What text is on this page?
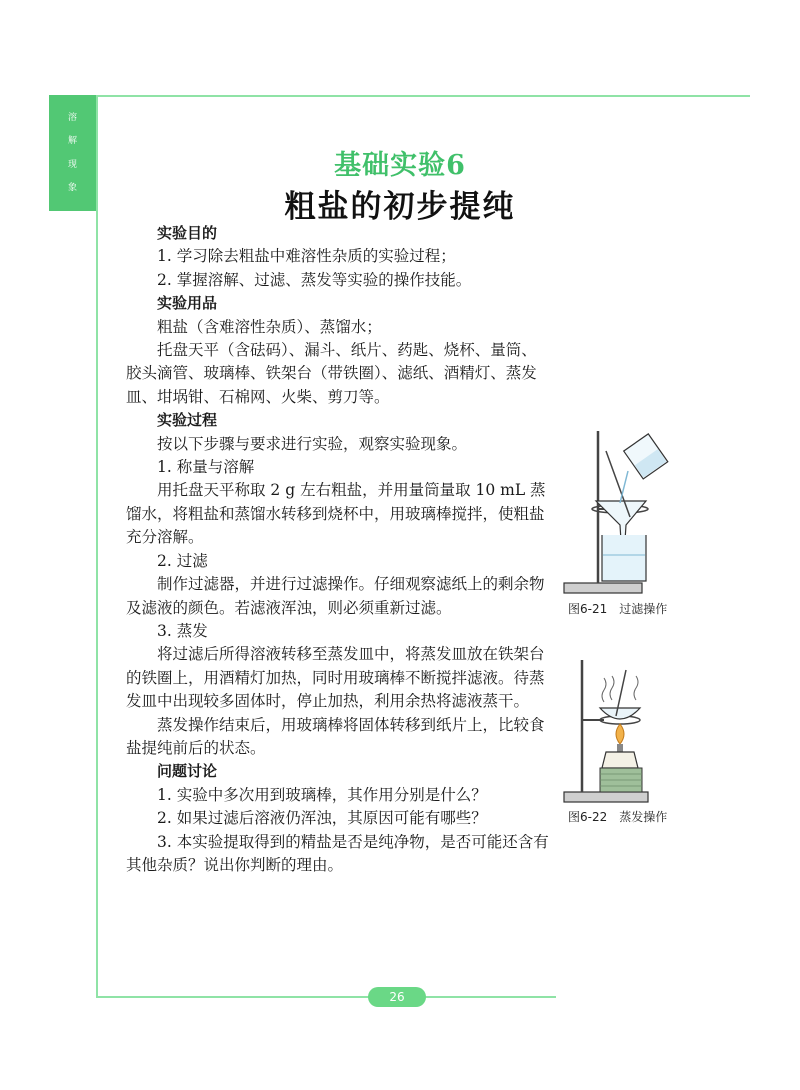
溶
解
现
象
基础实验6
粗盐的初步提纯

实验目的

1. 学习除去粗盐中难溶性杂质的实验过程；

2. 掌握溶解、过滤、蒸发等实验的操作技能。

实验用品

粗盐（含难溶性杂质）、蒸馏水；

托盘天平（含砝码）、漏斗、纸片、药匙、烧杯、量筒、胶头滴管、玻璃棒、铁架台（带铁圈）、滤纸、酒精灯、蒸发皿、坩埚钳、石棉网、火柴、剪刀等。

实验过程

按以下步骤与要求进行实验，观察实验现象。

1. 称量与溶解

用托盘天平称取 2 g 左右粗盐，并用量筒量取 10 mL 蒸馏水，将粗盐和蒸馏水转移到烧杯中，用玻璃棒搅拌，使粗盐充分溶解。

2. 过滤

制作过滤器，并进行过滤操作。仔细观察滤纸上的剩余物及滤液的颜色。若滤液浑浊，则必须重新过滤。

3. 蒸发

将过滤后所得溶液转移至蒸发皿中，将蒸发皿放在铁架台的铁圈上，用酒精灯加热，同时用玻璃棒不断搅拌滤液。待蒸发皿中出现较多固体时，停止加热，利用余热将滤液蒸干。

蒸发操作结束后，用玻璃棒将固体转移到纸片上，比较食盐提纯前后的状态。

问题讨论

1. 实验中多次用到玻璃棒，其作用分别是什么？

2. 如果过滤后溶液仍浑浊，其原因可能有哪些？

3. 本实验提取得到的精盐是否是纯净物，是否可能还含有其他杂质？说出你判断的理由。

图6-21　过滤操作
图6-22　蒸发操作
26
